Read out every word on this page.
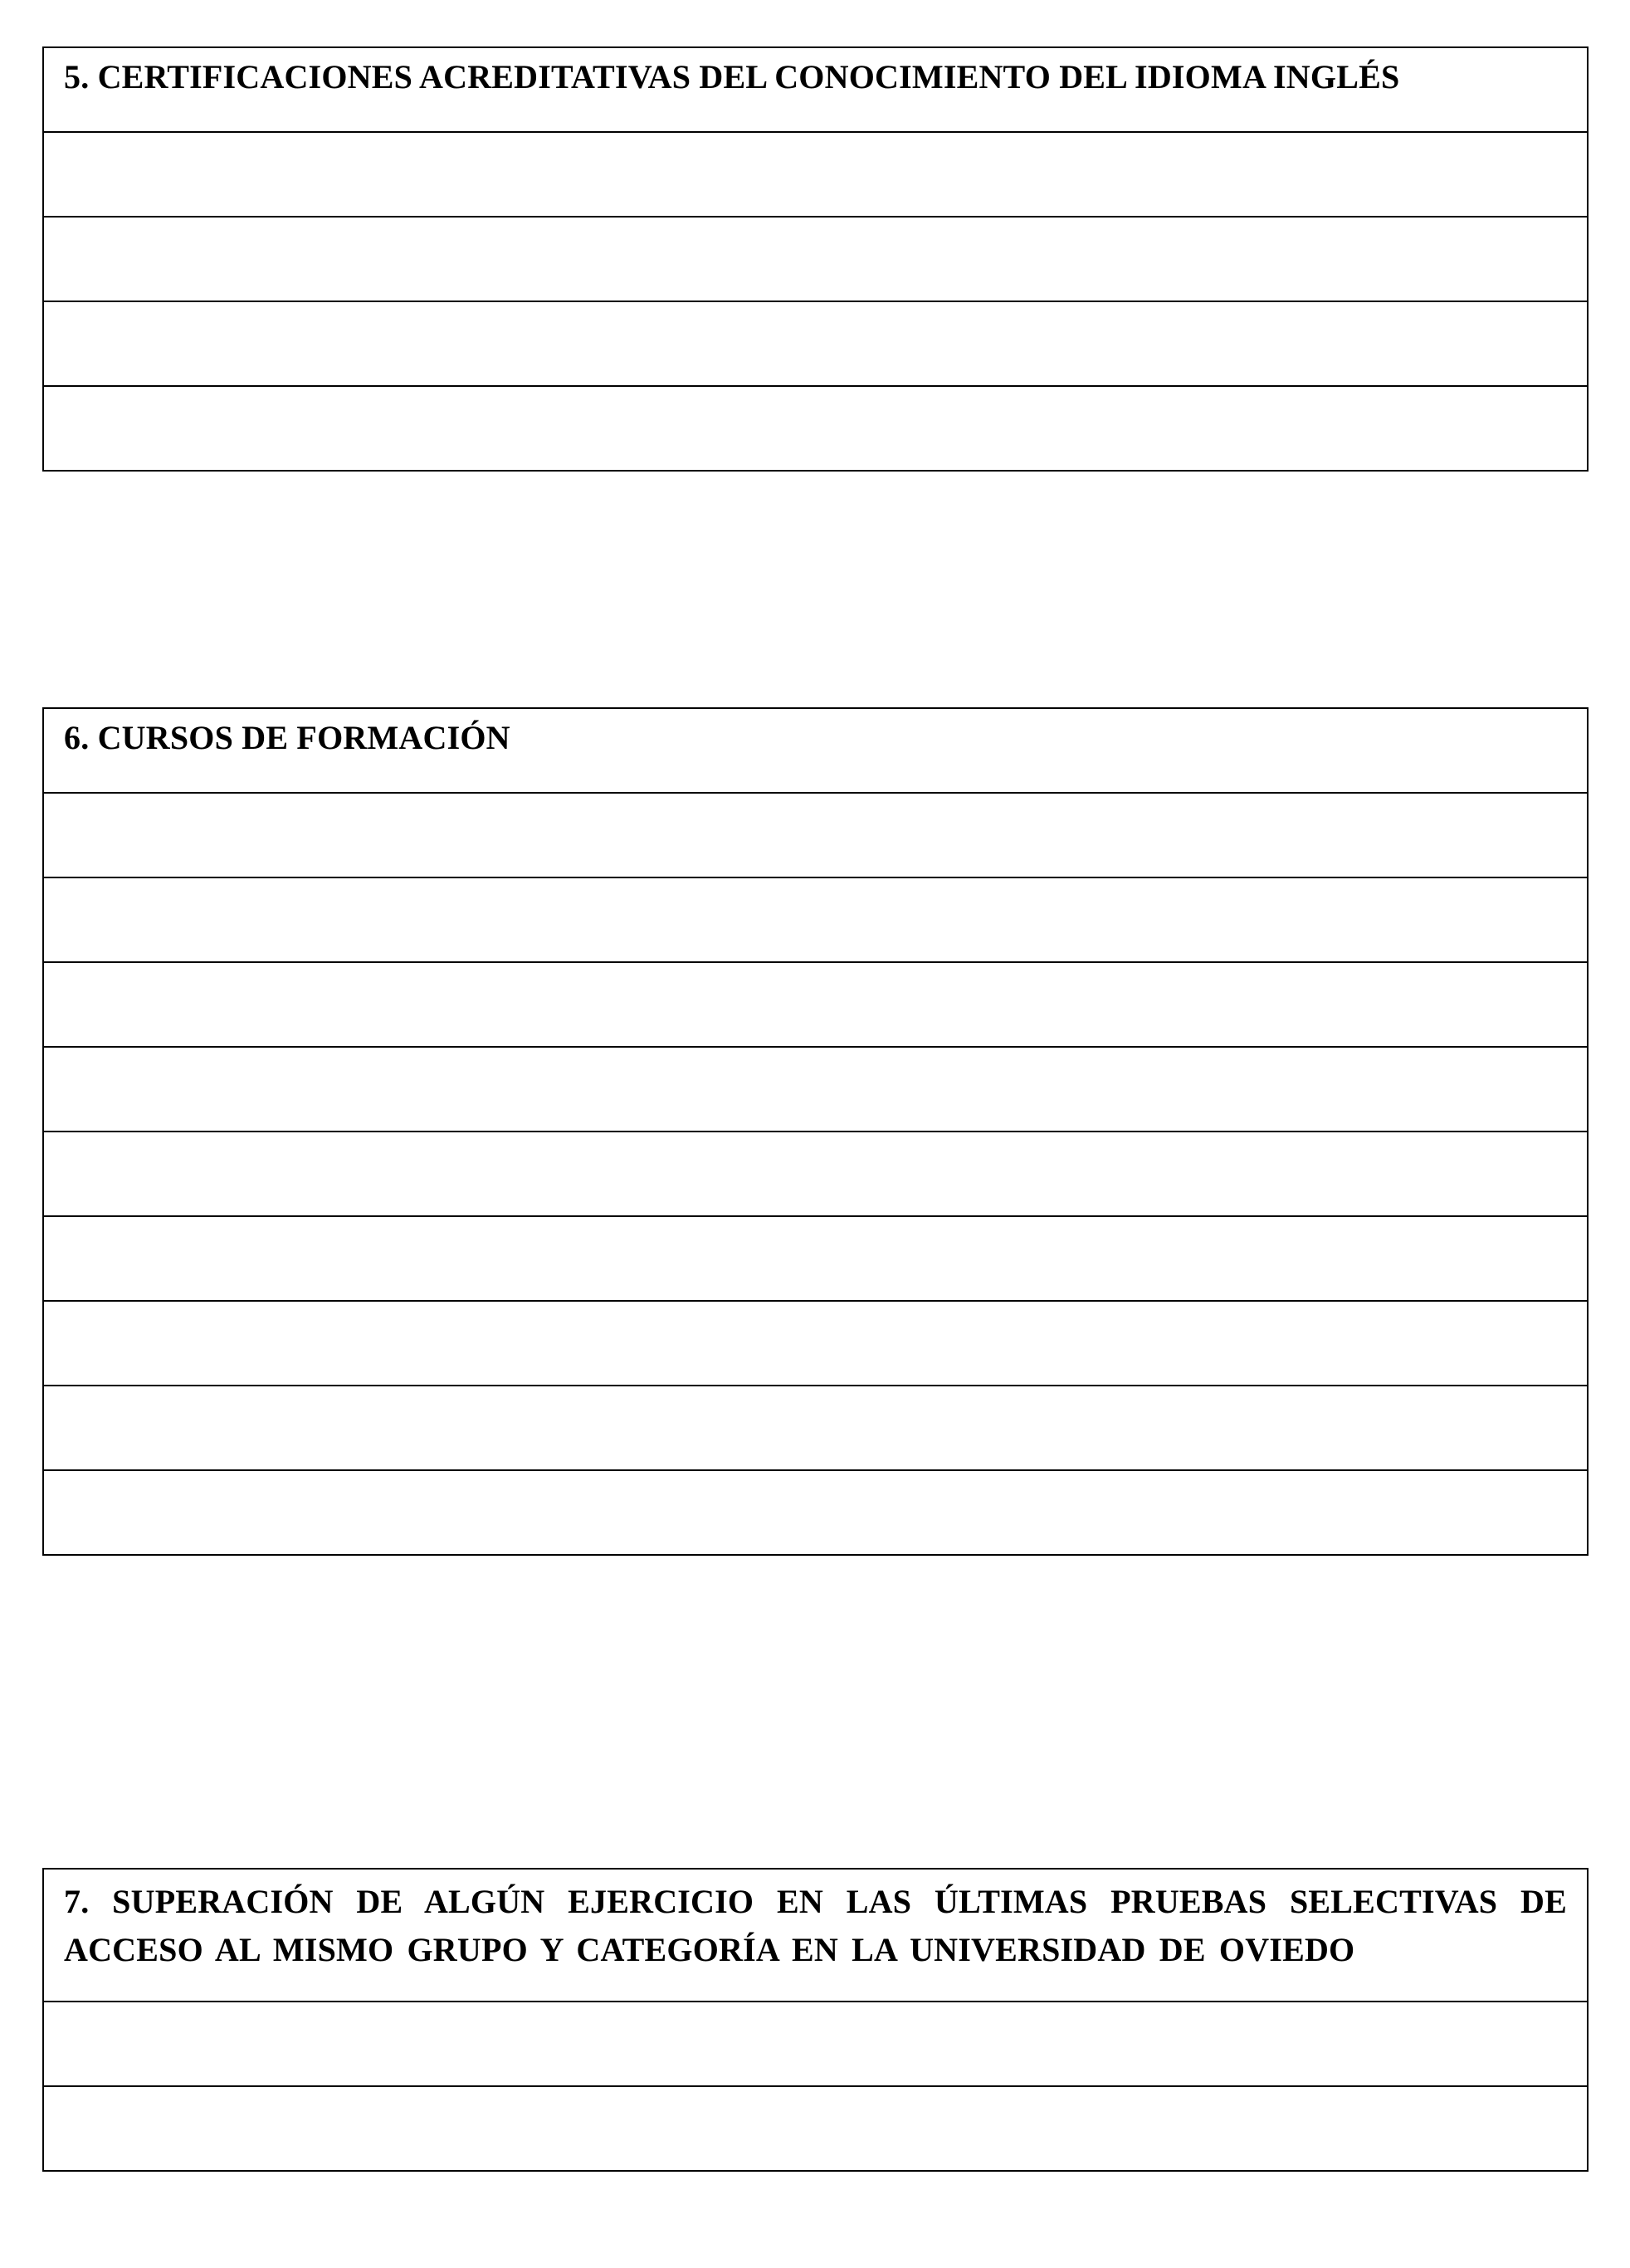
5. CERTIFICACIONES ACREDITATIVAS DEL CONOCIMIENTO DEL IDIOMA INGLÉS

6. CURSOS DE FORMACIÓN

7. SUPERACIÓN DE ALGÚN EJERCICIO EN LAS ÚLTIMAS PRUEBAS SELECTIVAS DE ACCESO AL MISMO GRUPO Y CATEGORÍA EN LA UNIVERSIDAD DE OVIEDO
